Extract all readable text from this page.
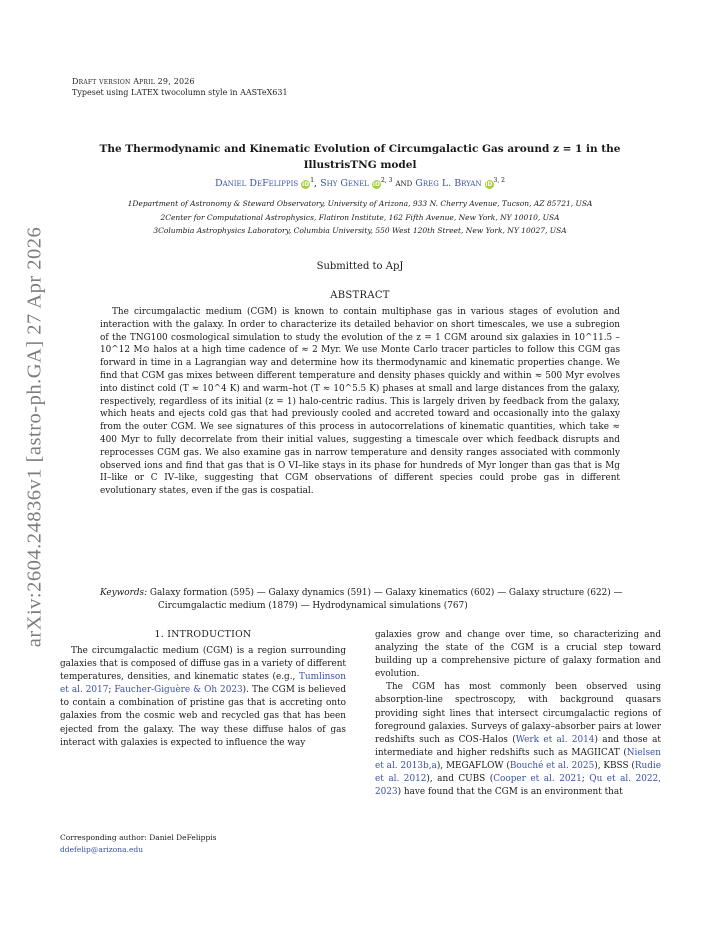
Draft version April 29, 2026
Typeset using LATEX twocolumn style in AASTeX631
arXiv:2604.24836v1 [astro-ph.GA] 27 Apr 2026
The Thermodynamic and Kinematic Evolution of Circumgalactic Gas around z = 1 in the IllustrisTNG model
Daniel DeFelippis $iD^1$, Shy Genel iD$^{2, 3}$ and Greg L. Bryan iD$^{3, 2}$
1Department of Astronomy & Steward Observatory, University of Arizona, 933 N. Cherry Avenue, Tucson, AZ 85721, USA
2Center for Computational Astrophysics, Flatiron Institute, 162 Fifth Avenue, New York, NY 10010, USA
3Columbia Astrophysics Laboratory, Columbia University, 550 West 120th Street, New York, NY 10027, USA
Submitted to ApJ
ABSTRACT
The circumgalactic medium (CGM) is known to contain multiphase gas in various stages of evolution and interaction with the galaxy. In order to characterize its detailed behavior on short timescales, we use a subregion of the TNG100 cosmological simulation to study the evolution of the z = 1 CGM around six galaxies in 10^11.5 – 10^12 M⊙ halos at a high time cadence of ≈ 2 Myr. We use Monte Carlo tracer particles to follow this CGM gas forward in time in a Lagrangian way and determine how its thermodynamic and kinematic properties change. We find that CGM gas mixes between different temperature and density phases quickly and within ≈ 500 Myr evolves into distinct cold (T ≈ 10^4 K) and warm–hot (T ≈ 10^5.5 K) phases at small and large distances from the galaxy, respectively, regardless of its initial (z = 1) halo-centric radius. This is largely driven by feedback from the galaxy, which heats and ejects cold gas that had previously cooled and accreted toward and occasionally into the galaxy from the outer CGM. We see signatures of this process in autocorrelations of kinematic quantities, which take ≈ 400 Myr to fully decorrelate from their initial values, suggesting a timescale over which feedback disrupts and reprocesses CGM gas. We also examine gas in narrow temperature and density ranges associated with commonly observed ions and find that gas that is O VI–like stays in its phase for hundreds of Myr longer than gas that is Mg II–like or C IV–like, suggesting that CGM observations of different species could probe gas in different evolutionary states, even if the gas is cospatial.
Keywords: Galaxy formation (595) — Galaxy dynamics (591) — Galaxy kinematics (602) — Galaxy structure (622) — Circumgalactic medium (1879) — Hydrodynamical simulations (767)
1. INTRODUCTION
The circumgalactic medium (CGM) is a region surrounding galaxies that is composed of diffuse gas in a variety of different temperatures, densities, and kinematic states (e.g., Tumlinson et al. 2017; Faucher-Giguère & Oh 2023). The CGM is believed to contain a combination of pristine gas that is accreting onto galaxies from the cosmic web and recycled gas that has been ejected from the galaxy. The way these diffuse halos of gas interact with galaxies is expected to influence the way

galaxies grow and change over time, so characterizing and analyzing the state of the CGM is a crucial step toward building up a comprehensive picture of galaxy formation and evolution.

The CGM has most commonly been observed using absorption-line spectroscopy, with background quasars providing sight lines that intersect circumgalactic regions of foreground galaxies. Surveys of galaxy–absorber pairs at lower redshifts such as COS-Halos (Werk et al. 2014) and those at intermediate and higher redshifts such as MAGIICAT (Nielsen et al. 2013b,a), MEGAFLOW (Bouché et al. 2025), KBSS (Rudie et al. 2012), and CUBS (Cooper et al. 2021; Qu et al. 2022, 2023) have found that the CGM is an environment that

Corresponding author: Daniel DeFelippis
ddefelip@arizona.edu
